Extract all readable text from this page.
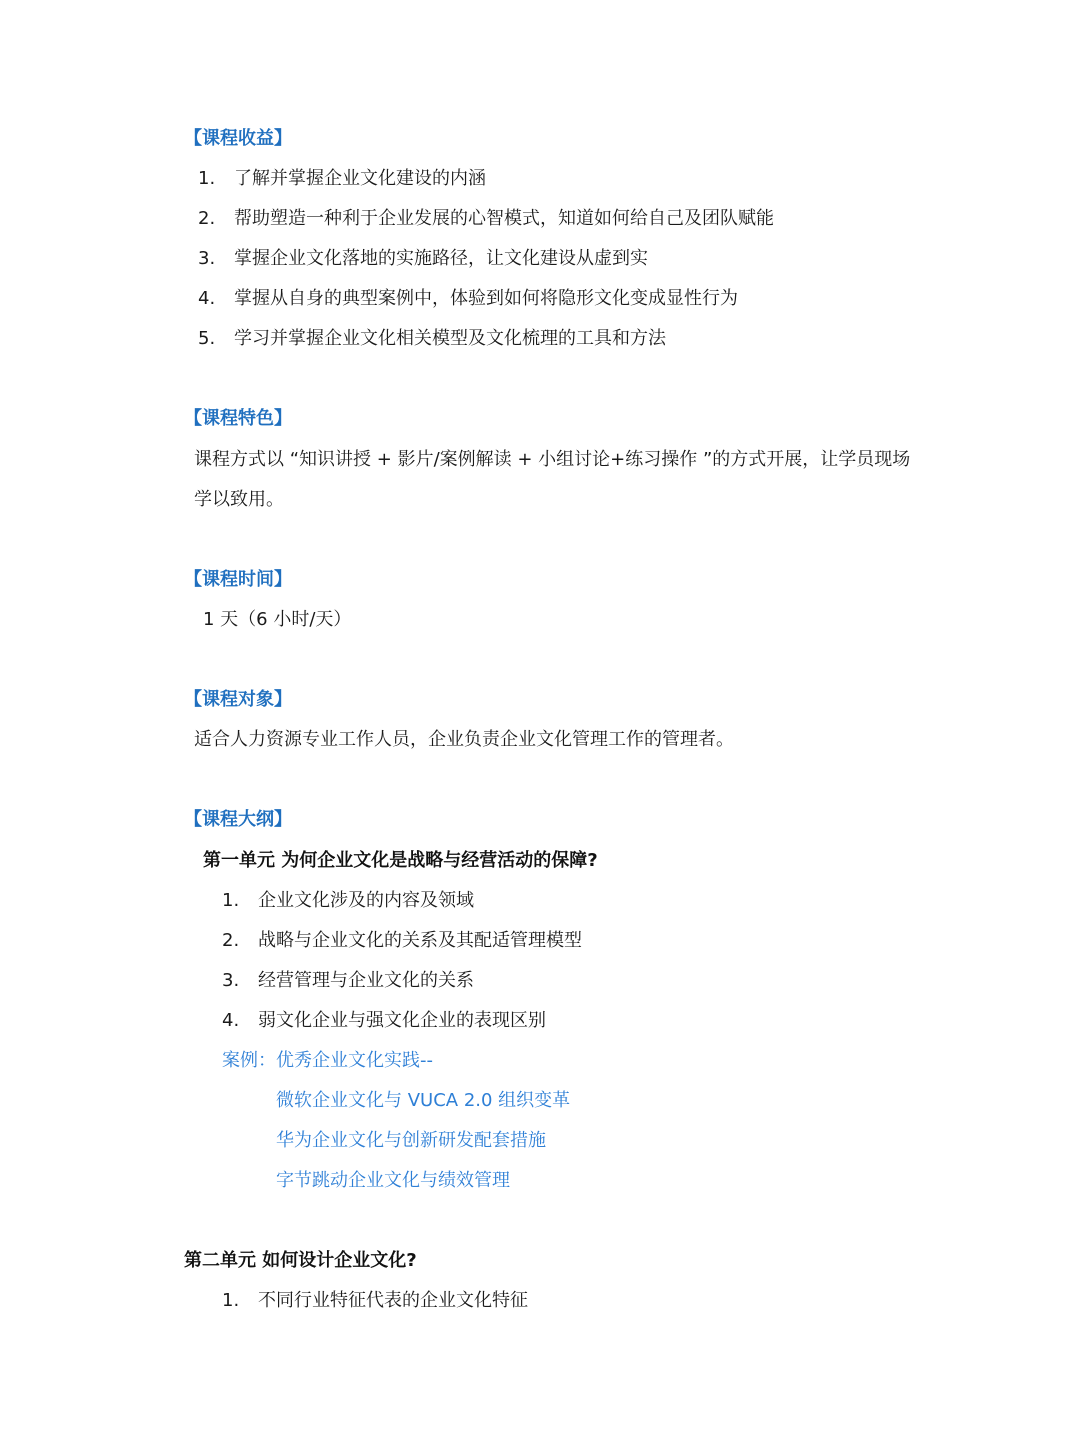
【课程收益】
1. 了解并掌握企业文化建设的内涵
2. 帮助塑造一种利于企业发展的心智模式，知道如何给自己及团队赋能
3. 掌握企业文化落地的实施路径，让文化建设从虚到实
4. 掌握从自身的典型案例中，体验到如何将隐形文化变成显性行为
5. 学习并掌握企业文化相关模型及文化梳理的工具和方法
【课程特色】
课程方式以 “知识讲授 + 影片/案例解读 + 小组讨论+练习操作 ”的方式开展，让学员现场
学以致用。
【课程时间】
1 天（6 小时/天）
【课程对象】
适合人力资源专业工作人员，企业负责企业文化管理工作的管理者。
【课程大纲】
第一单元 为何企业文化是战略与经营活动的保障?
1. 企业文化涉及的内容及领域
2. 战略与企业文化的关系及其配适管理模型
3. 经营管理与企业文化的关系
4. 弱文化企业与强文化企业的表现区别
案例：优秀企业文化实践--
微软企业文化与 VUCA 2.0 组织变革
华为企业文化与创新研发配套措施
字节跳动企业文化与绩效管理
第二单元 如何设计企业文化?
1. 不同行业特征代表的企业文化特征
